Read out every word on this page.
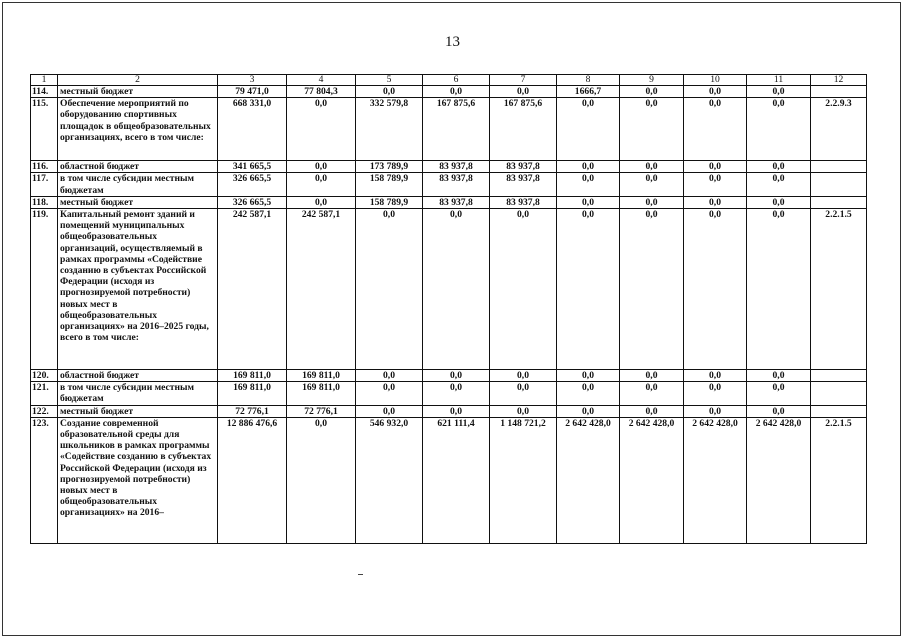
13
1	2	3	4	5	6	7	8	9	10	11	12
114.	местный бюджет	79 471,0	77 804,3	0,0	0,0	0,0	1666,7	0,0	0,0	0,0	
115.	Обеспечение мероприятий по оборудованию спортивных площадок в общеобразовательных организациях, всего в том числе:	668 331,0	0,0	332 579,8	167 875,6	167 875,6	0,0	0,0	0,0	0,0	2.2.9.3
116.	областной бюджет	341 665,5	0,0	173 789,9	83 937,8	83 937,8	0,0	0,0	0,0	0,0	
117.	в том числе субсидии местным бюджетам	326 665,5	0,0	158 789,9	83 937,8	83 937,8	0,0	0,0	0,0	0,0	
118.	местный бюджет	326 665,5	0,0	158 789,9	83 937,8	83 937,8	0,0	0,0	0,0	0,0	
119.	Капитальный ремонт зданий и помещений муниципальных общеобразовательных организаций, осуществляемый в рамках программы «Содействие созданию в субъектах Российской Федерации (исходя из прогнозируемой потребности) новых мест в общеобразовательных организациях» на 2016–2025 годы, всего в том числе:	242 587,1	242 587,1	0,0	0,0	0,0	0,0	0,0	0,0	0,0	2.2.1.5
120.	областной бюджет	169 811,0	169 811,0	0,0	0,0	0,0	0,0	0,0	0,0	0,0	
121.	в том числе субсидии местным бюджетам	169 811,0	169 811,0	0,0	0,0	0,0	0,0	0,0	0,0	0,0	
122.	местный бюджет	72 776,1	72 776,1	0,0	0,0	0,0	0,0	0,0	0,0	0,0	
123.	Создание современной образовательной среды для школьников в рамках программы «Содействие созданию в субъектах Российской Федерации (исходя из прогнозируемой потребности) новых мест в общеобразовательных организациях» на 2016–	12 886 476,6	0,0	546 932,0	621 111,4	1 148 721,2	2 642 428,0	2 642 428,0	2 642 428,0	2 642 428,0	2.2.1.5
